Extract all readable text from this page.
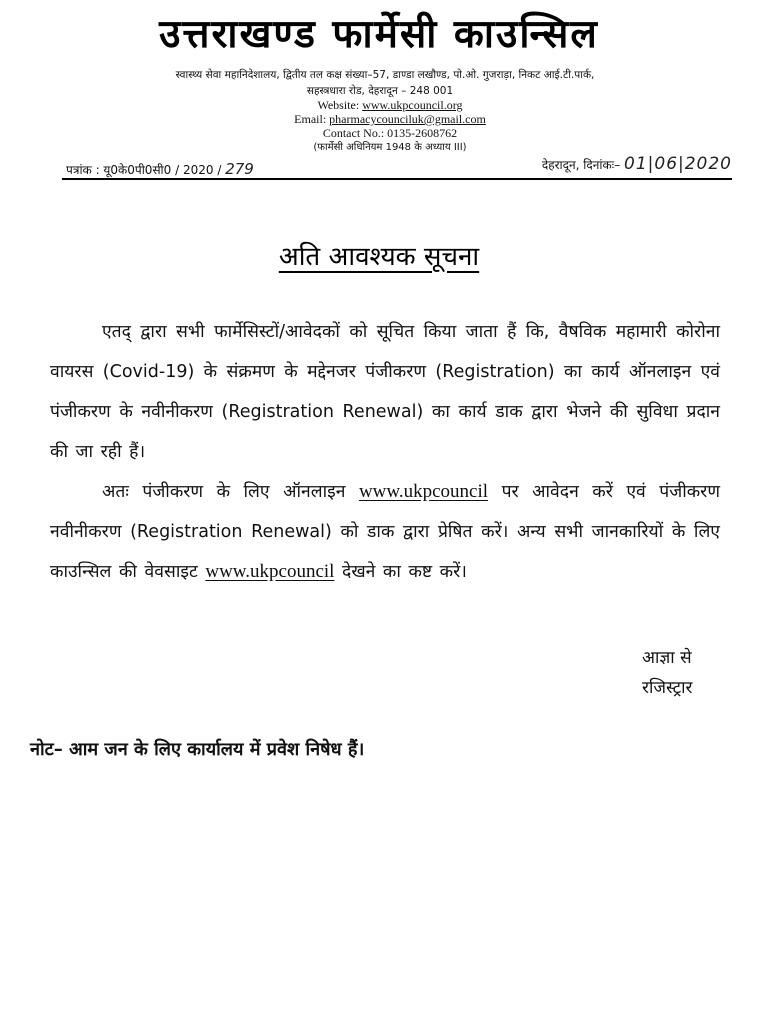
उत्तराखण्ड फार्मेसी काउन्सिल
स्वास्थ्य सेवा महानिदेशालय, द्वितीय तल कक्ष संख्या–57, डाण्डा लखौण्ड, पो.ओ. गुजराड़ा, निकट आई.टी.पार्क,
सहस्त्रधारा रोड, देहरादून – 248 001
Website: www.ukpcouncil.org
Email: pharmacycounciluk@gmail.com
Contact No.: 0135-2608762
(फार्मेसी अधिनियम 1948 के अध्याय III)
पत्रांक : यू0के0पी0सी0 / 2020 / 279	देहरादून, दिनांकः– 01|06|2020
अति आवश्यक सूचना
एतद् द्वारा सभी फार्मेसिस्टों/आवेदकों को सूचित किया जाता हैं कि, वैषविक महामारी कोरोना वायरस (Covid-19) के संक्रमण के मद्देनजर पंजीकरण (Registration) का कार्य ऑनलाइन एवं पंजीकरण के नवीनीकरण (Registration Renewal) का कार्य डाक द्वारा भेजने की सुविधा प्रदान की जा रही हैं।
अतः पंजीकरण के लिए ऑनलाइन www.ukpcouncil पर आवेदन करें एवं पंजीकरण नवीनीकरण (Registration Renewal) को डाक द्वारा प्रेषित करें। अन्य सभी जानकारियों के लिए काउन्सिल की वेवसाइट www.ukpcouncil देखने का कष्ट करें।
आज्ञा से
रजिस्ट्रार
नोट– आम जन के लिए कार्यालय में प्रवेश निषेध हैं।
